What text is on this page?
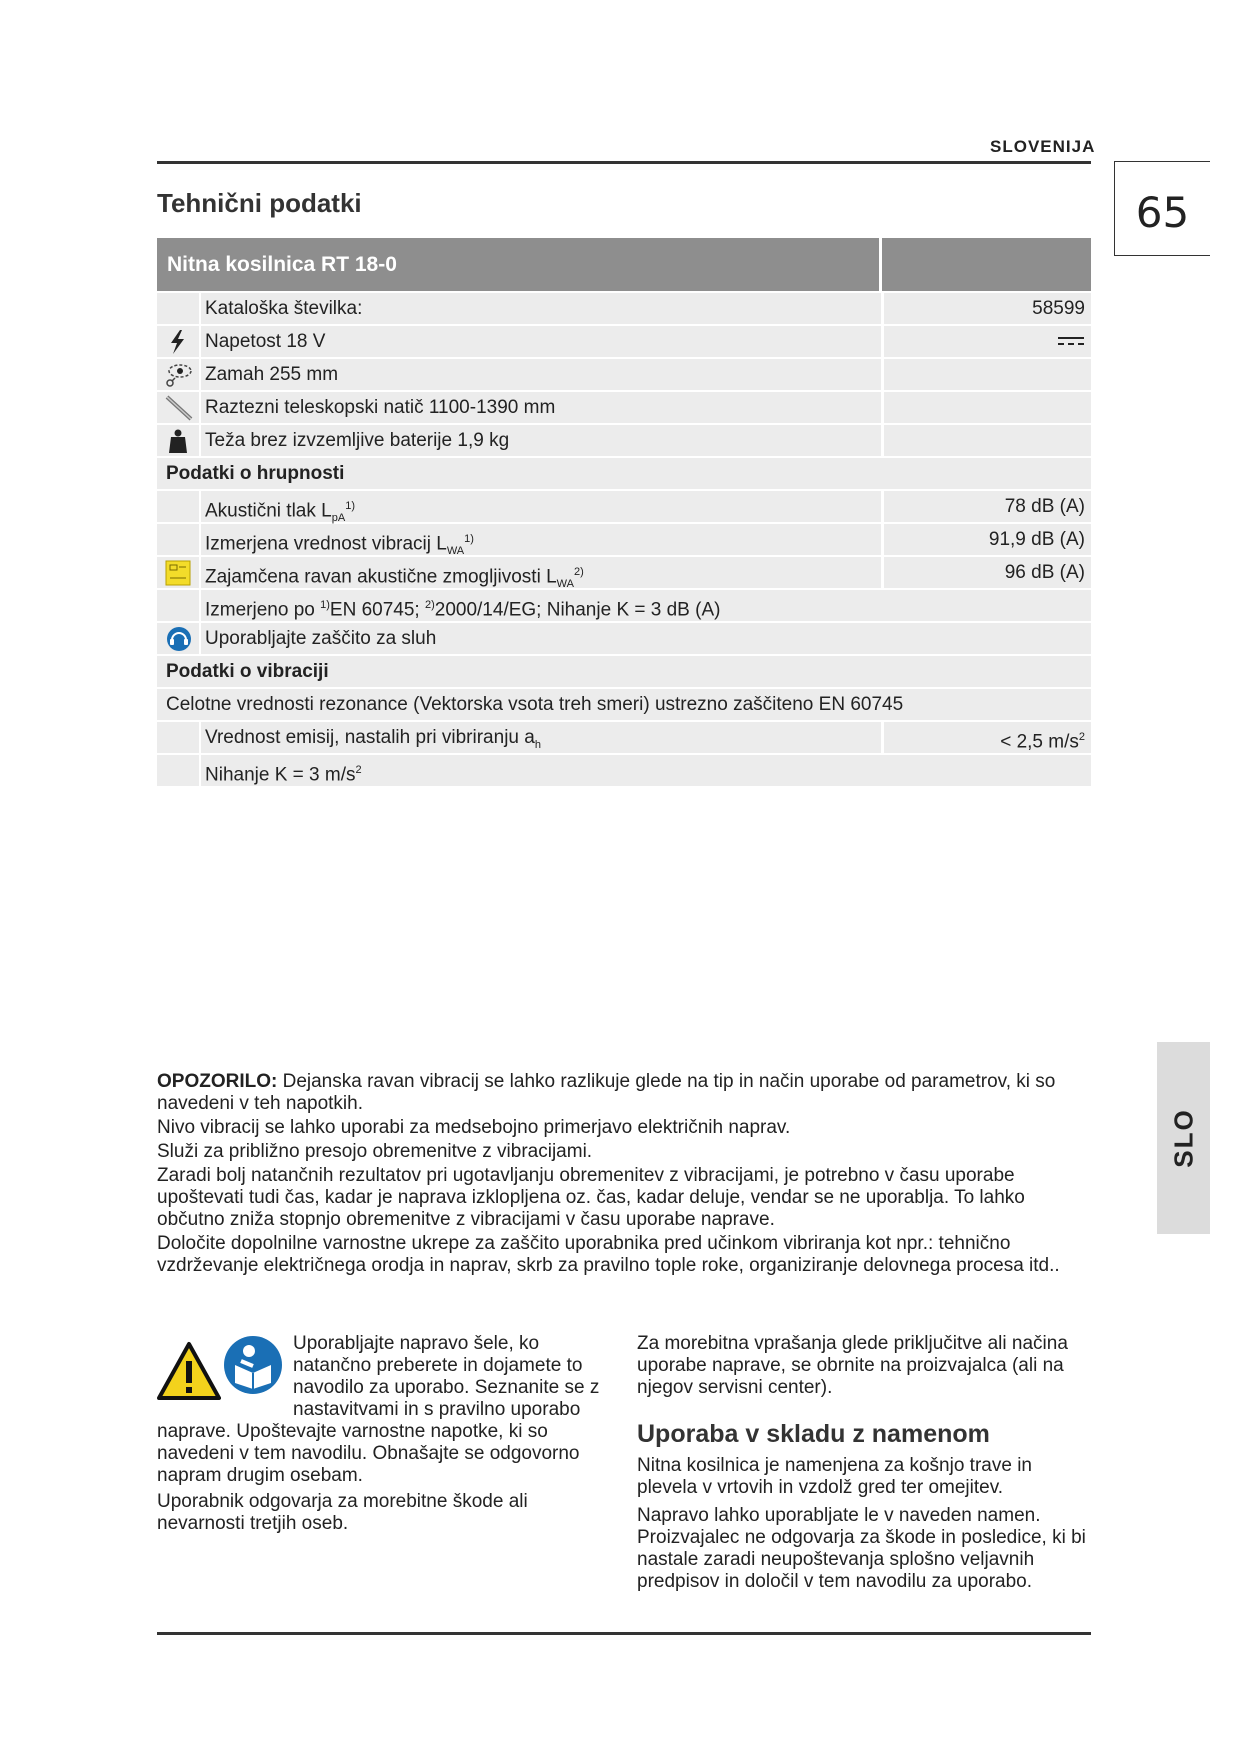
SLOVENIJA
65
Tehnični podatki
Nitna kosilnica RT 18-0
Kataloška številka:	58599
Napetost 18 V
Zamah 255 mm
Raztezni teleskopski natič 1100-1390 mm
Teža brez izvzemljive baterije 1,9 kg
Podatki o hrupnosti
Akustični tlak $L_{pA}^{1)}$	78 dB (A)
Izmerjena vrednost vibracij $L_{WA}^{1)}$	91,9 dB (A)
Zajamčena ravan akustične zmogljivosti $L_{WA}^{2)}$	96 dB (A)
Izmerjeno po $^{1)}$EN 60745; $^{2)}$2000/14/EG; Nihanje K = 3 dB (A)
Uporabljajte zaščito za sluh
Podatki o vibraciji
Celotne vrednosti rezonance (Vektorska vsota treh smeri) ustrezno zaščiteno EN 60745
Vrednost emisij, nastalih pri vibriranju $a_h$	< 2,5 $m/s^2$
Nihanje K = 3 $m/s^2$

OPOZORILO: Dejanska ravan vibracij se lahko razlikuje glede na tip in način uporabe od parametrov, ki so navedeni v teh napotkih.

Nivo vibracij se lahko uporabi za medsebojno primerjavo električnih naprav.

Služi za približno presojo obremenitve z vibracijami.

Zaradi bolj natančnih rezultatov pri ugotavljanju obremenitev z vibracijami, je potrebno v času uporabe upoštevati tudi čas, kadar je naprava izklopljena oz. čas, kadar deluje, vendar se ne uporablja. To lahko občutno zniža stopnjo obremenitve z vibracijami v času uporabe naprave.

Določite dopolnilne varnostne ukrepe za zaščito uporabnika pred učinkom vibriranja kot npr.: tehnično vzdrževanje električnega orodja in naprav, skrb za pravilno tople roke, organiziranje delovnega procesa itd..

SLO

Uporabljajte napravo šele, ko natančno preberete in dojamete to navodilo za uporabo. Seznanite se z nastavitvami in s pravilno uporabo naprave. Upoštevajte varnostne napotke, ki so navedeni v tem navodilu. Obnašajte se odgovorno napram drugim osebam.

Uporabnik odgovarja za morebitne škode ali nevarnosti tretjih oseb.

Za morebitna vprašanja glede priključitve ali načina uporabe naprave, se obrnite na proizvajalca (ali na njegov servisni center).

Uporaba v skladu z namenom

Nitna kosilnica je namenjena za košnjo trave in plevela v vrtovih in vzdolž gred ter omejitev.

Napravo lahko uporabljate le v naveden namen. Proizvajalec ne odgovarja za škode in posledice, ki bi nastale zaradi neupoštevanja splošno veljavnih predpisov in določil v tem navodilu za uporabo.
